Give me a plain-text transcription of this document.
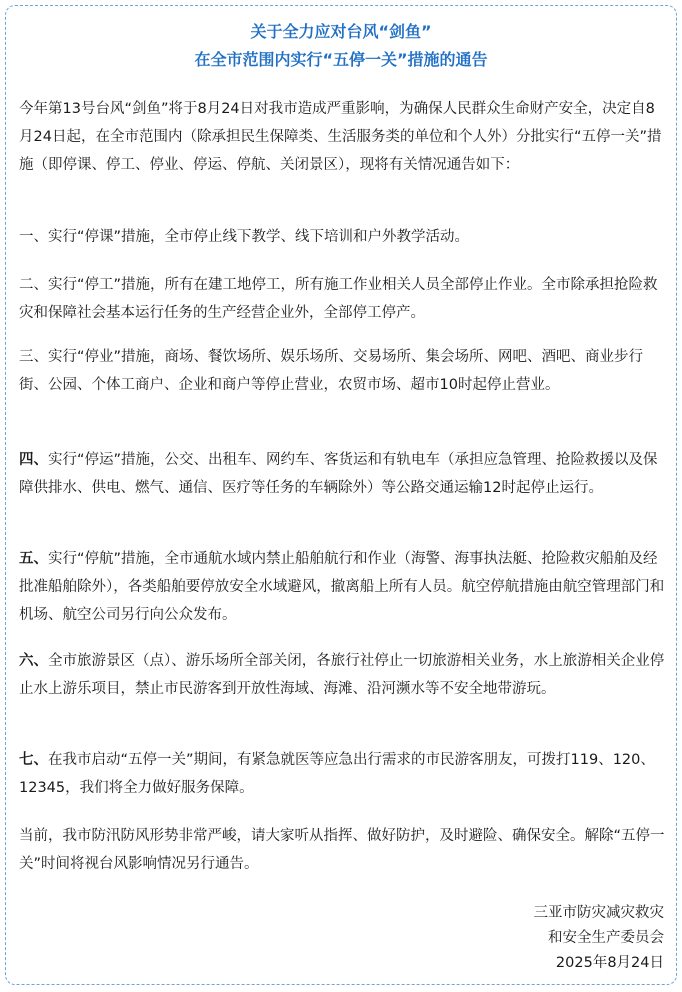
关于全力应对台风“剑鱼”
在全市范围内实行“五停一关”措施的通告

今年第13号台风“剑鱼”将于8月24日对我市造成严重影响，为确保人民群众生命财产安全，决定自8月24日起，在全市范围内（除承担民生保障类、生活服务类的单位和个人外）分批实行“五停一关”措施（即停课、停工、停业、停运、停航、关闭景区），现将有关情况通告如下：

一、实行“停课”措施，全市停止线下教学、线下培训和户外教学活动。

二、实行“停工”措施，所有在建工地停工，所有施工作业相关人员全部停止作业。全市除承担抢险救灾和保障社会基本运行任务的生产经营企业外，全部停工停产。

三、实行“停业”措施，商场、餐饮场所、娱乐场所、交易场所、集会场所、网吧、酒吧、商业步行街、公园、个体工商户、企业和商户等停止营业，农贸市场、超市10时起停止营业。

四、实行“停运”措施，公交、出租车、网约车、客货运和有轨电车（承担应急管理、抢险救援以及保障供排水、供电、燃气、通信、医疗等任务的车辆除外）等公路交通运输12时起停止运行。

五、实行“停航”措施，全市通航水域内禁止船舶航行和作业（海警、海事执法艇、抢险救灾船舶及经批准船舶除外），各类船舶要停放安全水域避风，撤离船上所有人员。航空停航措施由航空管理部门和机场、航空公司另行向公众发布。

六、全市旅游景区（点）、游乐场所全部关闭，各旅行社停止一切旅游相关业务，水上旅游相关企业停止水上游乐项目，禁止市民游客到开放性海域、海滩、沿河濒水等不安全地带游玩。

七、在我市启动“五停一关”期间，有紧急就医等应急出行需求的市民游客朋友，可拨打119、120、12345，我们将全力做好服务保障。

当前，我市防汛防风形势非常严峻，请大家听从指挥、做好防护，及时避险、确保安全。解除“五停一关”时间将视台风影响情况另行通告。

三亚市防灾减灾救灾
和安全生产委员会
2025年8月24日
